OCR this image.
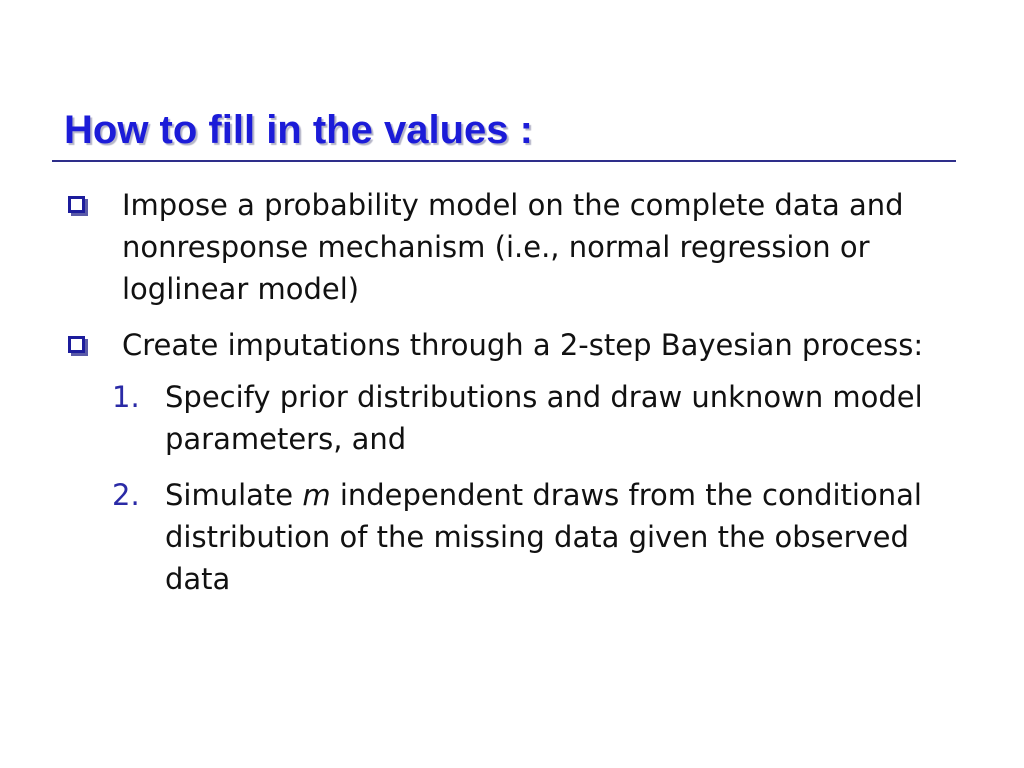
How to fill in the values :
Impose a probability model on the complete data and nonresponse mechanism (i.e., normal regression or loglinear model)
Create imputations through a 2-step Bayesian process:
1. Specify prior distributions and draw unknown model parameters, and
2. Simulate m independent draws from the conditional distribution of the missing data given the observed data
